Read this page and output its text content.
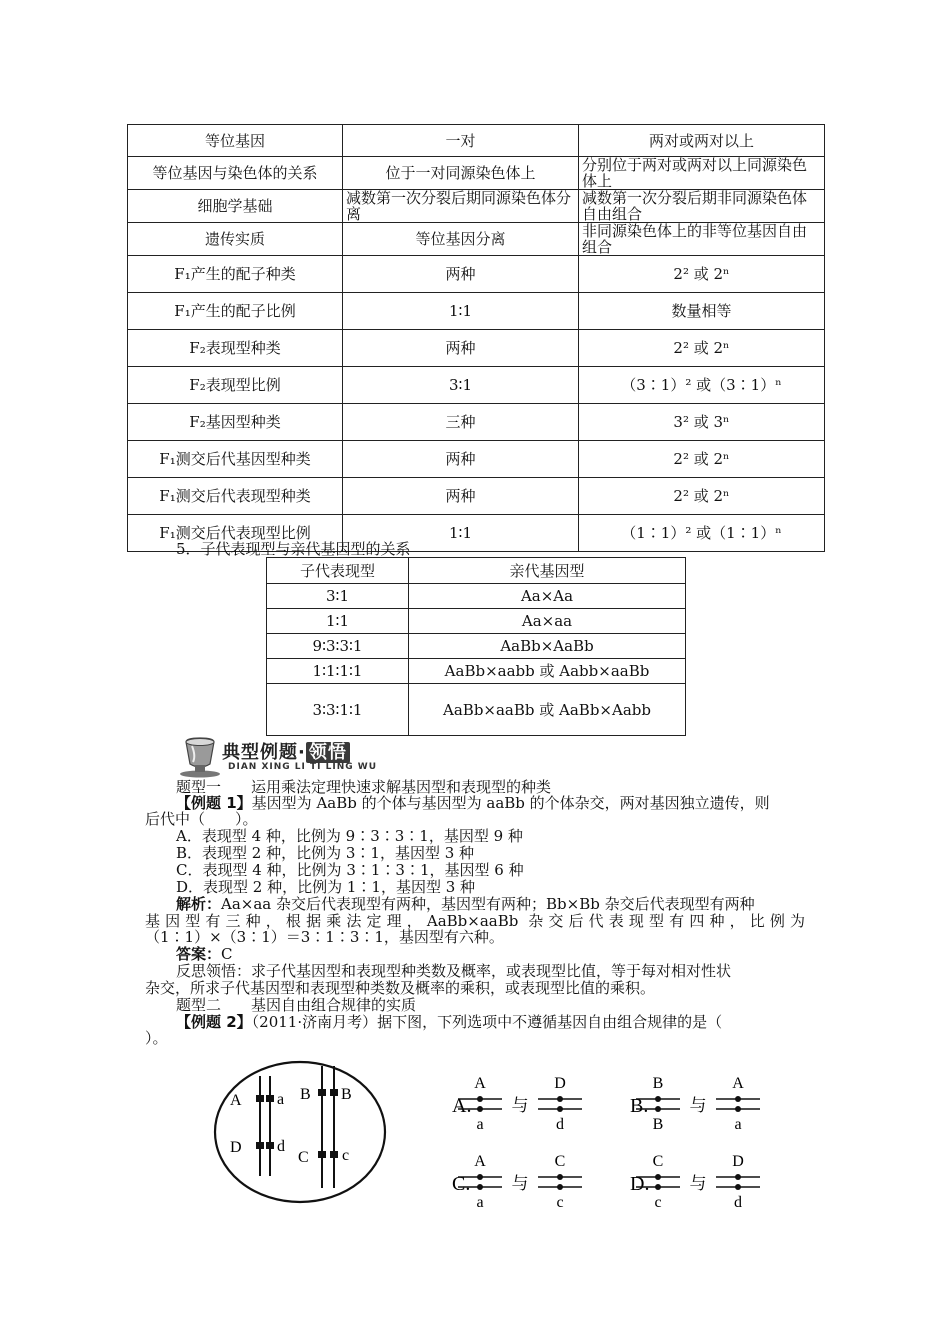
等位基因	一对	两对或两对以上
等位基因与染色体的关系	位于一对同源染色体上	分别位于两对或两对以上同源染色体上
细胞学基础	减数第一次分裂后期同源染色体分离	减数第一次分裂后期非同源染色体自由组合
遗传实质	等位基因分离	非同源染色体上的非等位基因自由组合
F₁产生的配子种类	两种	2² 或 2ⁿ
F₁产生的配子比例	1∶1	数量相等
F₂表现型种类	两种	2² 或 2ⁿ
F₂表现型比例	3∶1	（3∶1）² 或（3∶1）ⁿ
F₂基因型种类	三种	3² 或 3ⁿ
F₁测交后代基因型种类	两种	2² 或 2ⁿ
F₁测交后代表现型种类	两种	2² 或 2ⁿ
F₁测交后代表现型比例	1∶1	（1∶1）² 或（1∶1）ⁿ
5．子代表现型与亲代基因型的关系
子代表现型	亲代基因型
3∶1	Aa×Aa
1∶1	Aa×aa
9∶3∶3∶1	AaBb×AaBb
1∶1∶1∶1	AaBb×aabb 或 Aabb×aaBb
3∶3∶1∶1	AaBb×aaBb 或 AaBb×Aabb
典型例题· 领悟
DIAN XING LI TI LING WU
题型一　　 运用乘法定理快速求解基因型和表现型的种类
【例题 1】基因型为 AaBb 的个体与基因型为 aaBb 的个体杂交，两对基因独立遗传，则
后代中（　　）。
A．表现型 4 种，比例为 9∶3∶3∶1，基因型 9 种
B．表现型 2 种，比例为 3∶1，基因型 3 种
C．表现型 4 种，比例为 3∶1∶3∶1，基因型 6 种
D．表现型 2 种，比例为 1∶1，基因型 3 种
解析：Aa×aa 杂交后代表现型有两种，基因型有两种；Bb×Bb 杂交后代表现型有两种
基因型有三种，根据乘法定理，AaBb×aaBb 杂交后代表现型有四种，比例为
（1∶1）×（3∶1）＝3∶1∶3∶1，基因型有六种。
答案：C
反思领悟：求子代基因型和表现型种类数及概率，或表现型比值，等于每对相对性状
杂交，所求子代基因型和表现型种类数及概率的乘积，或表现型比值的乘积。
题型二　　 基因自由组合规律的实质
【例题 2】（2011·济南月考）据下图，下列选项中不遵循基因自由组合规律的是（
）。
A a
D d
B B
C c
A.
A
a
D
d
与	B.
B
B
A
a
与
C.
A
a
C
c
与	D.
C
c
D
d
与
